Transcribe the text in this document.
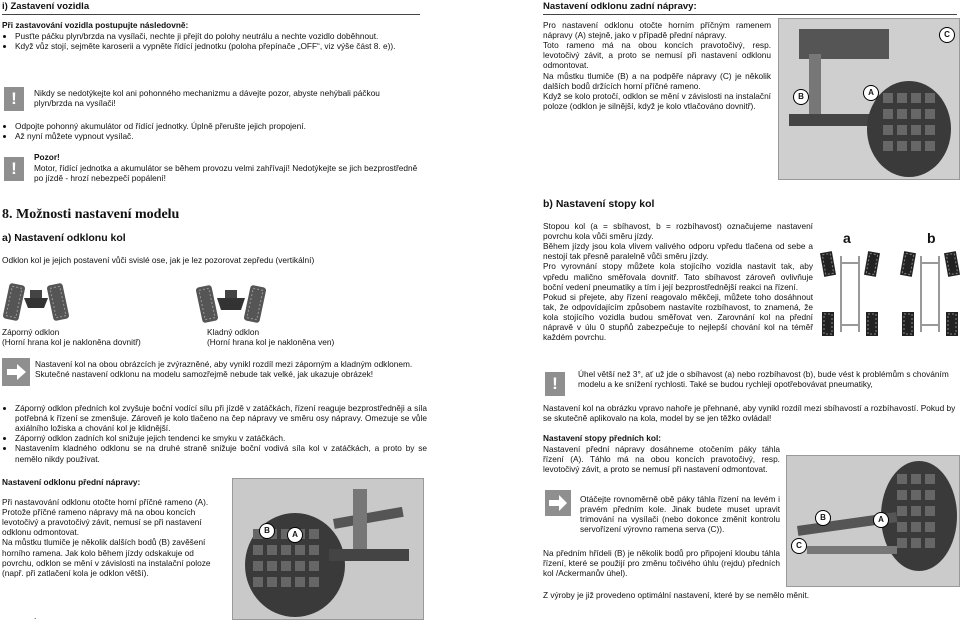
i) Zastavení vozidla
Při zastavování vozidla postupujte následovně:
• Pusťte páčku plyn/brzda na vysílači, nechte ji přejít do polohy neutrálu a nechte vozidlo doběhnout.
• Když vůz stojí, sejměte karoserii a vypněte řídící jednotku (poloha přepínače „OFF“, viz výše část 8. e)).
!	Nikdy se nedotýkejte kol ani pohonného mechanizmu a dávejte pozor, abyste nehýbali páčkou plyn/brzda na vysílači!
• Odpojte pohonný akumulátor od řídící jednotky. Úplně přerušte jejich propojení.
• Až nyní můžete vypnout vysílač.
!
Pozor!
Motor, řídící jednotka a akumulátor se během provozu velmi zahřívají! Nedotýkejte se jich bezprostředně po jízdě - hrozí nebezpečí popálení!
8. Možnosti nastavení modelu
a) Nastavení odklonu kol
Odklon kol je jejich postavení vůči svislé ose, jak je lez pozorovat zepředu (vertikální)
Záporný odklon
(Horní hrana kol je nakloněna dovnitř)
Kladný odklon
(Horní hrana kol je nakloněna ven)
Nastavení kol na obou obrázcích je zvýrazněné, aby vynikl rozdíl mezi záporným a kladným odklonem. Skutečné nastavení odklonu na modelu samozřejmě nebude tak velké, jak ukazuje obrázek!
• Záporný odklon předních kol zvyšuje boční vodící sílu při jízdě v zatáčkách, řízení reaguje bezprostředněji a síla potřebná k řízení se zmenšuje. Zároveň je kolo tlačeno na čep nápravy ve směru osy nápravy. Omezuje se vůle axiálního ložiska a chování kol je klidnější.
• Záporný odklon zadních kol snižuje jejich tendenci ke smyku v zatáčkách.
• Nastavením kladného odklonu se na druhé straně snižuje boční vodivá síla kol v zatáčkách, a proto by se nemělo nikdy používat.
Nastavení odklonu přední nápravy:
Při nastavování odklonu otočte horní příčné rameno (A).
Protože příčné rameno nápravy má na obou koncích levotočivý a pravotočivý závit, nemusí se při nastavení odklonu odmontovat.
Na můstku tlumiče je několik dalších bodů (B) zavěšení horního ramena. Jak kolo během jízdy odskakuje od povrchu, odklon se mění v závislosti na instalační poloze (např. při zatlačení kola je odklon větší).
.
B	A
Nastavení odklonu zadní nápravy:
Pro nastavení odklonu otočte horním příčným ramenem nápravy (A) stejně, jako v případě přední nápravy.
Toto rameno má na obou koncích pravotočivý, resp. levotočivý závit, a proto se nemusí při nastavení odklonu odmontovat.
Na můstku tlumiče (B) a na podpěře nápravy (C) je několik dalších bodů držících horní příčné rameno.
Když se kolo protočí, odklon se mění v závislosti na instalační poloze (odklon je silnější, když je kolo vtlačováno dovnitř).
B	A
C
b) Nastavení stopy kol
Stopou kol (a = sbíhavost, b = rozbíhavost) označujeme nastavení povrchu kola vůči směru jízdy.
Během jízdy jsou kola vlivem valivého odporu vpředu tlačena od sebe a nestojí tak přesně paralelně vůči směru jízdy.
Pro vyrovnání stopy můžete kola stojícího vozidla nastavit tak, aby vpředu malično směřovala dovnitř. Tato sbíhavost zároveň ovlivňuje boční vedení pneumatiky a tím i její bezprostřednější reakci na řízení.
Pokud si přejete, aby řízení reagovalo měkčeji, můžete toho dosáhnout tak, že odpovídajícím způsobem nastavíte rozbíhavost, to znamená, že kola stojícího vozidla budou směřovat ven. Zarovnání kol na přední nápravě v úlu 0 stupňů zabezpečuje to nejlepší chování kol na téměř každém povrchu.
a	b
!	Úhel větší než 3°, ať už jde o sbíhavost (a) nebo rozbíhavost (b), bude vést k problémům s chováním modelu a ke snížení rychlosti. Také se budou rychleji opotřebovávat pneumatiky,
Nastavení kol na obrázku vpravo nahoře je přehnané, aby vynikl rozdíl mezi sbíhavostí a rozbíhavostí. Pokud by se skutečně aplikovalo na kola, model by se jen těžko ovládal!
Nastavení stopy předních kol:
Nastavení přední nápravy dosáhneme otočením páky táhla řízení (A). Táhlo má na obou koncích pravotočivý, resp. levotočivý závit, a proto se nemusí při nastavení odmontovat.
Otáčejte rovnoměrně obě páky táhla řízení na levém i pravém předním kole. Jinak budete muset upravit trimování na vysílači (nebo dokonce změnit kontrolu servořízení výrovno ramena serva (C)).
Na předním hřídeli (B) je několik bodů pro připojení kloubu táhla řízení, které se použijí pro změnu točivého úhlu (rejdu) předních kol /Ackermanův úhel).
Z výroby je již provedeno optimální nastavení, které by se nemělo měnit.
B	A
C
